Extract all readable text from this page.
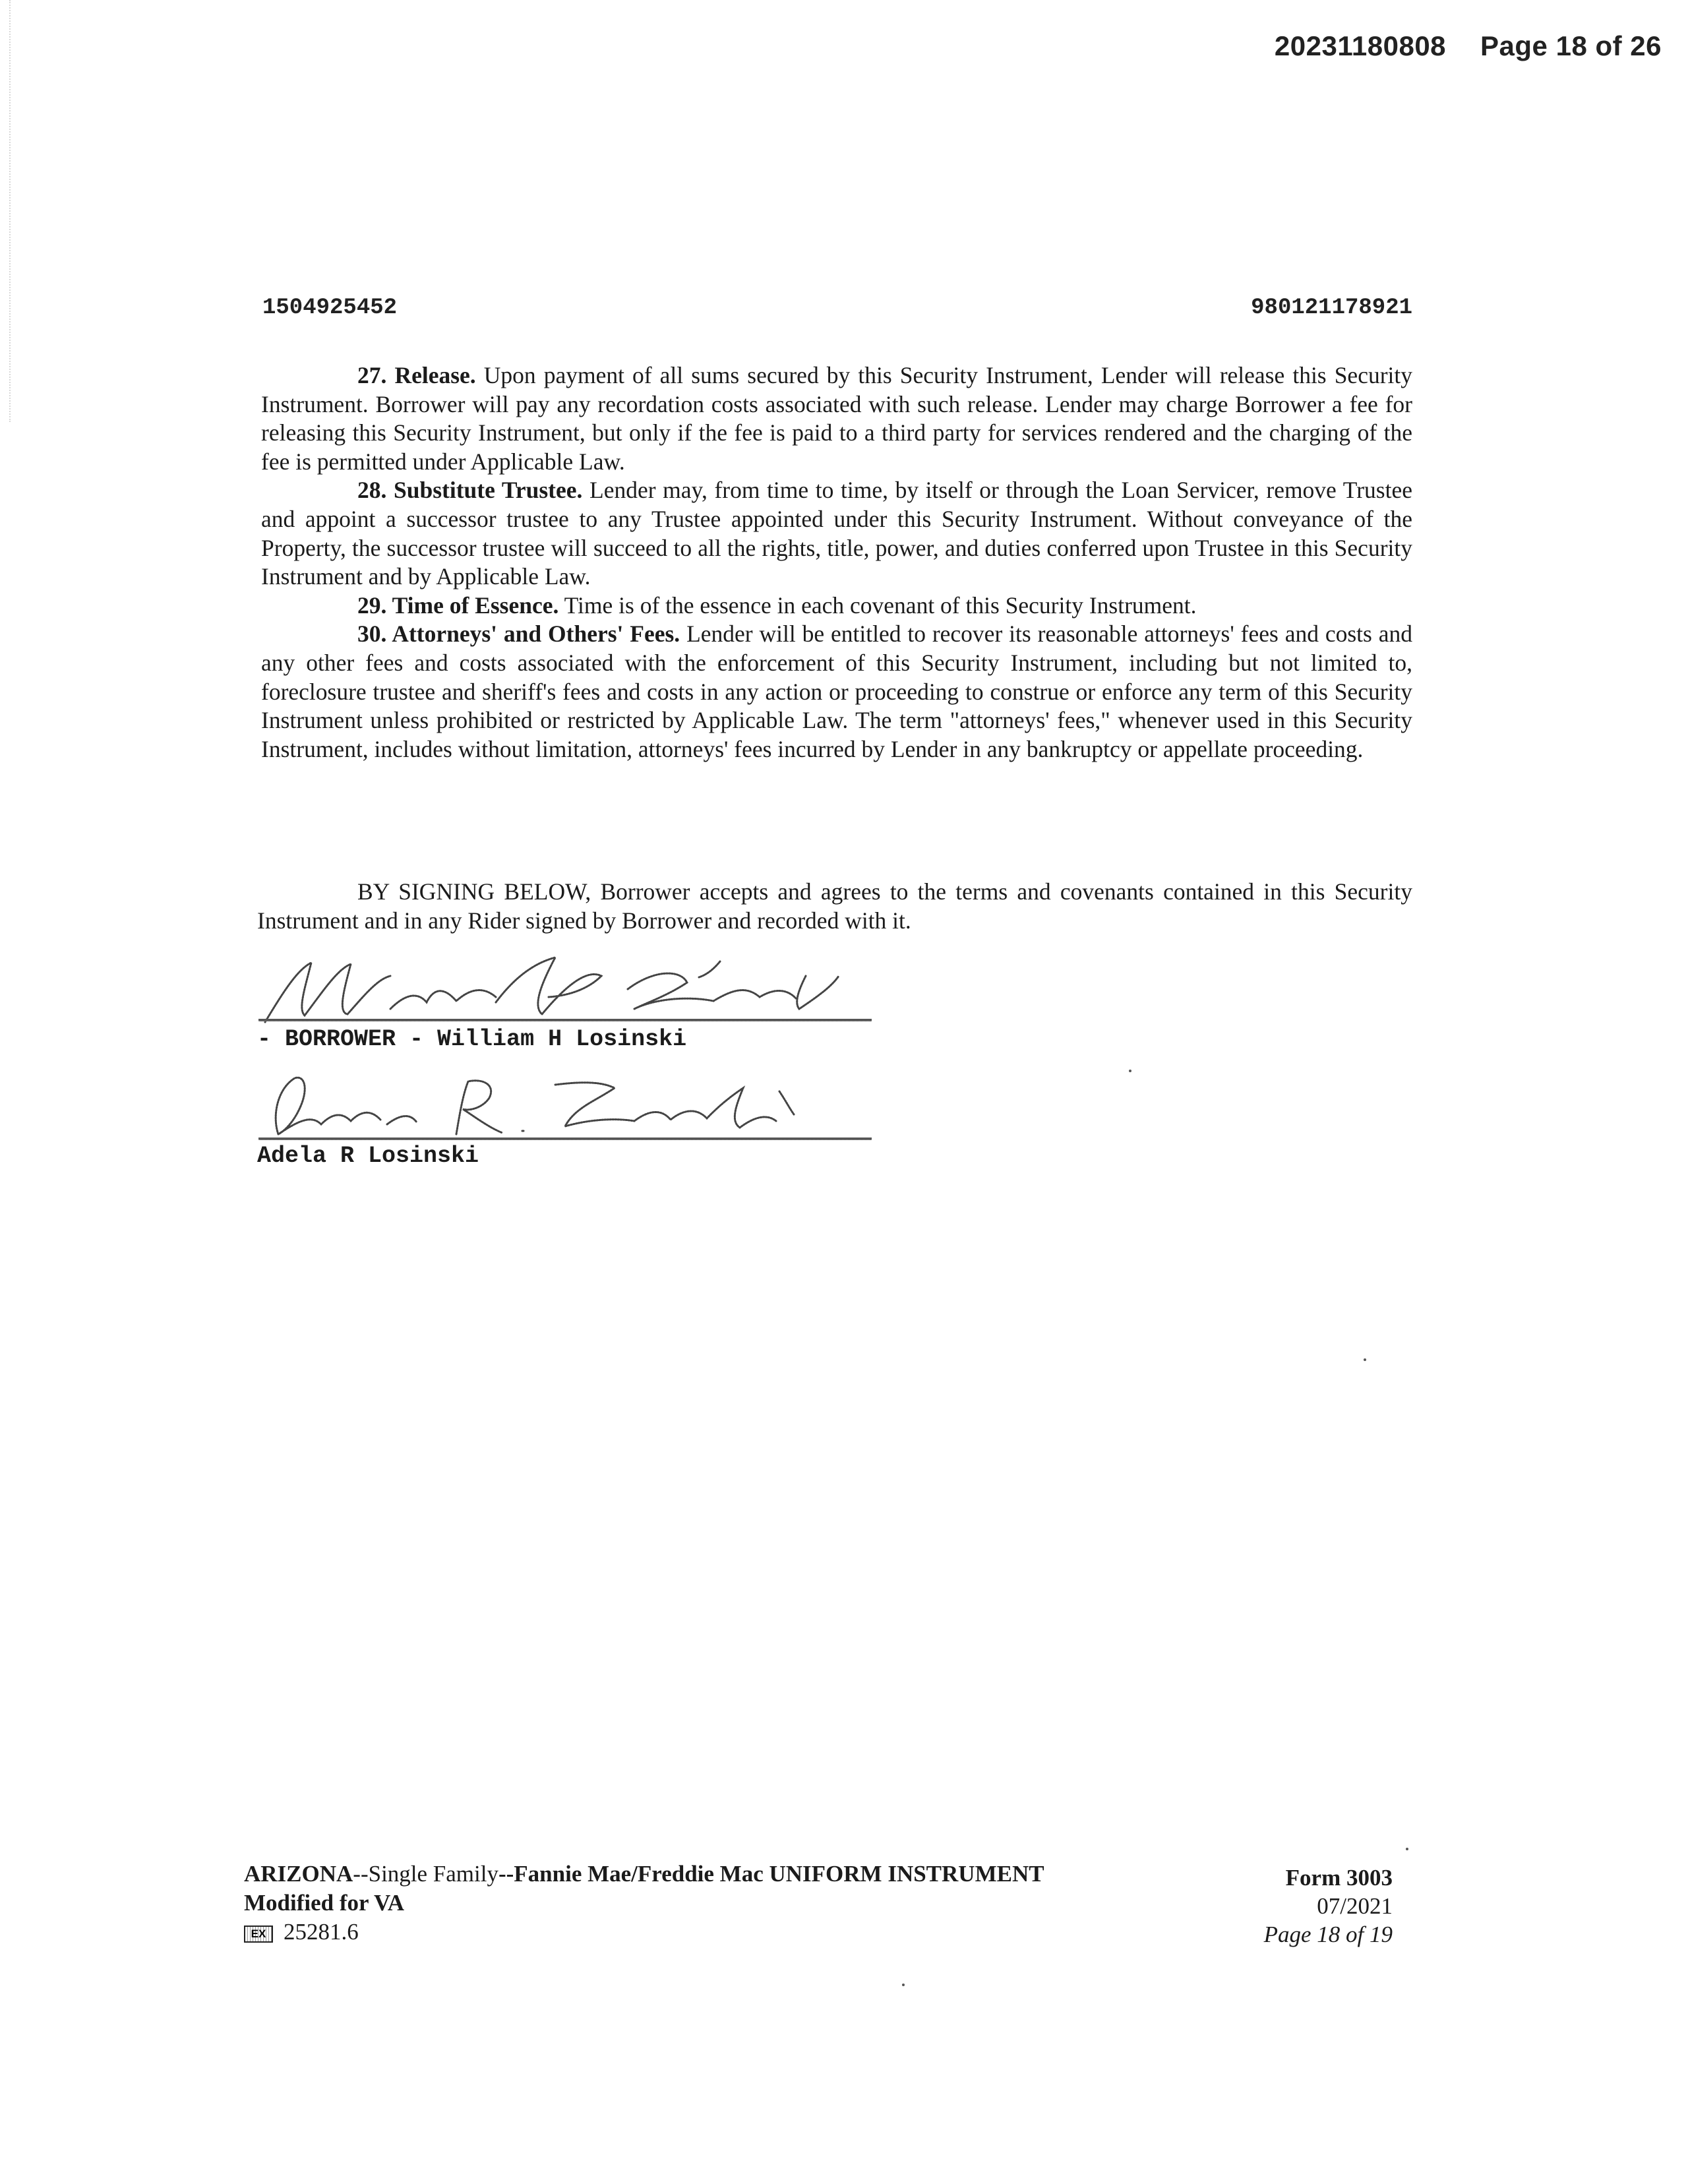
20231180808 Page 18 of 26
1504925452	980121178921

27. Release. Upon payment of all sums secured by this Security Instrument, Lender will release this Security Instrument. Borrower will pay any recordation costs associated with such release. Lender may charge Borrower a fee for releasing this Security Instrument, but only if the fee is paid to a third party for services rendered and the charging of the fee is permitted under Applicable Law.

28. Substitute Trustee. Lender may, from time to time, by itself or through the Loan Servicer, remove Trustee and appoint a successor trustee to any Trustee appointed under this Security Instrument. Without conveyance of the Property, the successor trustee will succeed to all the rights, title, power, and duties conferred upon Trustee in this Security Instrument and by Applicable Law.

29. Time of Essence. Time is of the essence in each covenant of this Security Instrument.

30. Attorneys' and Others' Fees. Lender will be entitled to recover its reasonable attorneys' fees and costs and any other fees and costs associated with the enforcement of this Security Instrument, including but not limited to, foreclosure trustee and sheriff's fees and costs in any action or proceeding to construe or enforce any term of this Security Instrument unless prohibited or restricted by Applicable Law. The term "attorneys' fees," whenever used in this Security Instrument, includes without limitation, attorneys' fees incurred by Lender in any bankruptcy or appellate proceeding.

BY SIGNING BELOW, Borrower accepts and agrees to the terms and covenants contained in this Security Instrument and in any Rider signed by Borrower and recorded with it.

- BORROWER - William H Losinski
Adela R Losinski
ARIZONA--Single Family--Fannie Mae/Freddie Mac UNIFORM INSTRUMENT
Modified for VA
EX 25281.6
Form 3003
07/2021
Page 18 of 19
